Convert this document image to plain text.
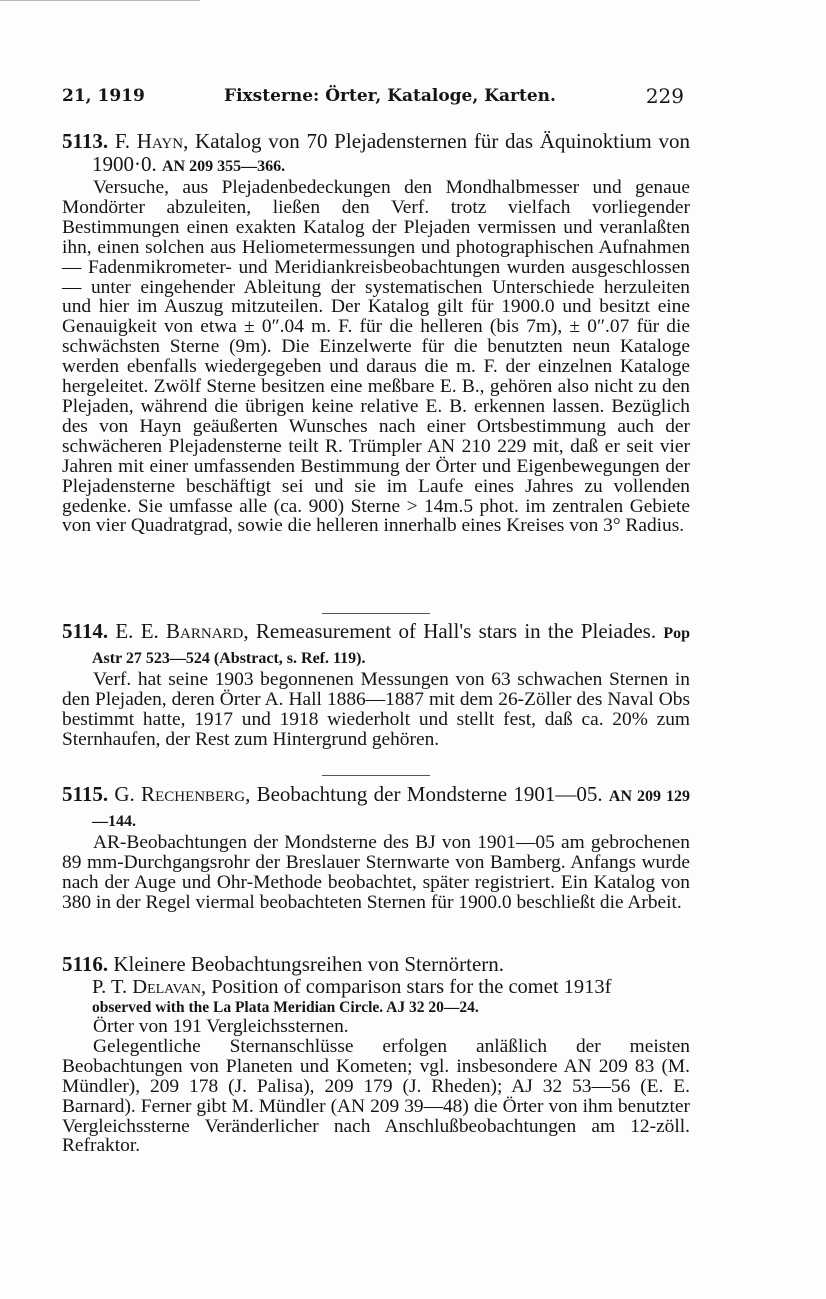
21, 1919	Fixsterne: Örter, Kataloge, Karten.	229
5113. F. Hayn, Katalog von 70 Plejadensternen für das Äquinoktium von 1900·0. AN 209 355—366.

Versuche, aus Plejadenbedeckungen den Mondhalbmesser und genaue Mondörter abzuleiten, ließen den Verf. trotz vielfach vorliegender Bestimmungen einen exakten Katalog der Plejaden vermissen und veranlaßten ihn, einen solchen aus Heliometermessungen und photographischen Aufnahmen — Fadenmikrometer- und Meridiankreisbeobachtungen wurden ausgeschlossen — unter eingehender Ableitung der systematischen Unterschiede herzuleiten und hier im Auszug mitzuteilen. Der Katalog gilt für 1900.0 und besitzt eine Genauigkeit von etwa ± 0″.04 m. F. für die helleren (bis 7m), ± 0″.07 für die schwächsten Sterne (9m). Die Einzelwerte für die benutzten neun Kataloge werden ebenfalls wiedergegeben und daraus die m. F. der einzelnen Kataloge hergeleitet. Zwölf Sterne besitzen eine meßbare E. B., gehören also nicht zu den Plejaden, während die übrigen keine relative E. B. erkennen lassen. Bezüglich des von Hayn geäußerten Wunsches nach einer Ortsbestimmung auch der schwächeren Plejadensterne teilt R. Trümpler AN 210 229 mit, daß er seit vier Jahren mit einer umfassenden Bestimmung der Örter und Eigenbewegungen der Plejadensterne beschäftigt sei und sie im Laufe eines Jahres zu vollenden gedenke. Sie umfasse alle (ca. 900) Sterne > 14m.5 phot. im zentralen Gebiete von vier Quadratgrad, sowie die helleren innerhalb eines Kreises von 3° Radius.

5114. E. E. Barnard, Remeasurement of Hall's stars in the Pleiades. Pop Astr 27 523—524 (Abstract, s. Ref. 119).

Verf. hat seine 1903 begonnenen Messungen von 63 schwachen Sternen in den Plejaden, deren Örter A. Hall 1886—1887 mit dem 26-Zöller des Naval Obs bestimmt hatte, 1917 und 1918 wiederholt und stellt fest, daß ca. 20% zum Sternhaufen, der Rest zum Hintergrund gehören.

5115. G. Rechenberg, Beobachtung der Mondsterne 1901—05. AN 209 129—144.

AR-Beobachtungen der Mondsterne des BJ von 1901—05 am gebrochenen 89 mm-Durchgangsrohr der Breslauer Sternwarte von Bamberg. Anfangs wurde nach der Auge und Ohr-Methode beobachtet, später registriert. Ein Katalog von 380 in der Regel viermal beobachteten Sternen für 1900.0 beschließt die Arbeit.

5116. Kleinere Beobachtungsreihen von Sternörtern.
P. T. Delavan, Position of comparison stars for the comet 1913f
observed with the La Plata Meridian Circle. AJ 32 20—24.

Örter von 191 Vergleichssternen.

Gelegentliche Sternanschlüsse erfolgen anläßlich der meisten Beobachtungen von Planeten und Kometen; vgl. insbesondere AN 209 83 (M. Mündler), 209 178 (J. Palisa), 209 179 (J. Rheden); AJ 32 53—56 (E. E. Barnard). Ferner gibt M. Mündler (AN 209 39—48) die Örter von ihm benutzter Vergleichssterne Veränderlicher nach Anschlußbeobachtungen am 12-zöll. Refraktor.
